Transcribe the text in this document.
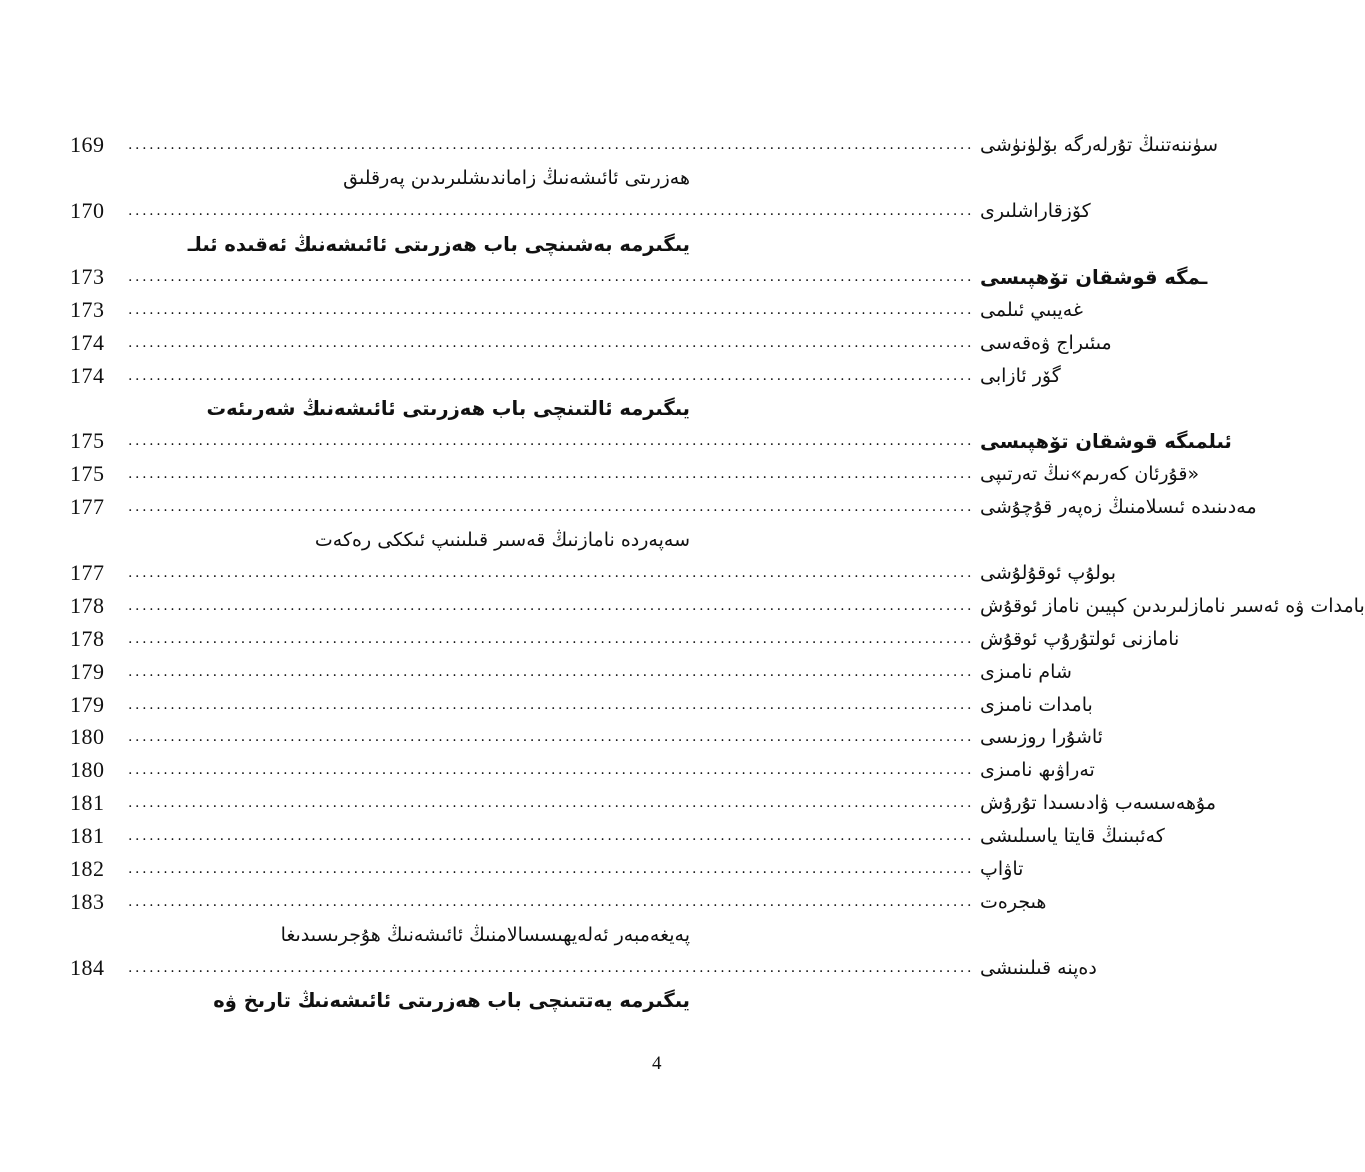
169	........................................................................................................................ سۈننەتنىڭ تۇرلەرگە بۆلۈنۈشى
ھەزرىتى ئائىشەنىڭ زاماندىشلىرىدىن پەرقلىق
170	........................................................................................................................ كۆزقاراشلىرى
يىگىرمە بەشىنچى باب ھەزرىتى ئائىشەنىڭ ئەقىدە ئىلـ
173	........................................................................................................................ ـمگە قوشقان تۆھپىسى
173	........................................................................................................................ غەيبىي ئىلمى
174	........................................................................................................................ مىئىراج ۋەقەسى
174	........................................................................................................................ گۆر ئازابى
يىگىرمە ئالتىنچى باب ھەزرىتى ئائىشەنىڭ شەرىئەت
175	........................................................................................................................ ئىلمىگە قوشقان تۆھپىسى
175	........................................................................................................................ «قۇرئان كەرىم»نىڭ تەرتىپى
177	........................................................................................................................ مەدىنىدە ئىسلامنىڭ زەپەر قۇچۇشى
سەپەردە نامازنىڭ قەسىر قىلىنىپ ئىككى رەكەت
177	........................................................................................................................ بولۇپ ئوقۇلۇشى
178	........................................................................................................................ بامدات ۋە ئەسىر نامازلىرىدىن كېيىن ناماز ئوقۇش
178	........................................................................................................................ نامازنى ئولتۇرۇپ ئوقۇش
179	........................................................................................................................ شام نامىزى
179	........................................................................................................................ بامدات نامىزى
180	........................................................................................................................ ئاشۇرا روزىسى
180	........................................................................................................................ تەراۋىھ نامىزى
181	........................................................................................................................ مۇھەسسەب ۋادىسىدا تۇرۇش
181	........................................................................................................................ كەئبىنىڭ قايتا ياسىلىشى
182	........................................................................................................................ تاۋاپ
183	........................................................................................................................ ھىجرەت
پەيغەمبەر ئەلەيھىسسالامنىڭ ئائىشەنىڭ ھۇجرىسىدىغا
184	........................................................................................................................ دەپنە قىلىنىشى
يىگىرمە يەتتىنچى باب ھەزرىتى ئائىشەنىڭ تارىخ ۋە
4
